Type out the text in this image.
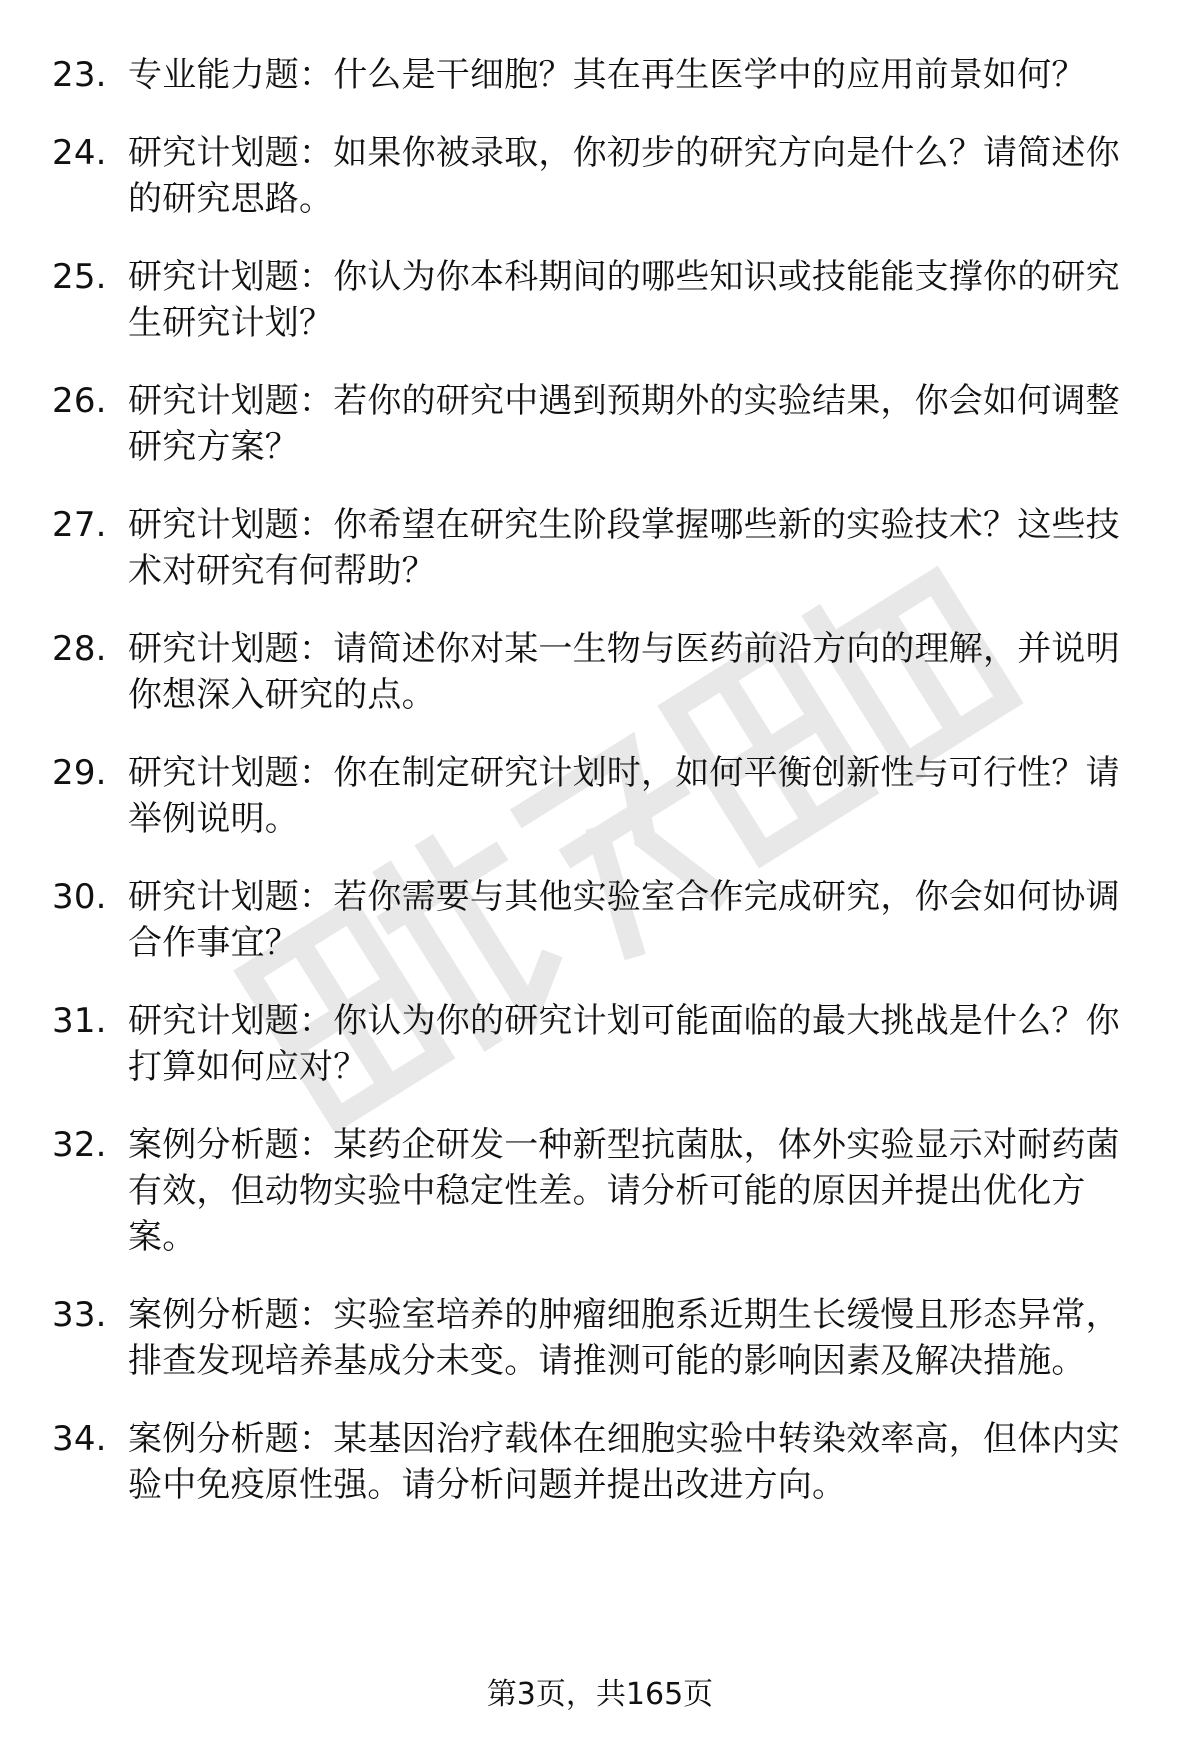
23. 专业能力题：什么是干细胞？其在再生医学中的应用前景如何？
24. 研究计划题：如果你被录取，你初步的研究方向是什么？请简述你的研究思路。
25. 研究计划题：你认为你本科期间的哪些知识或技能能支撑你的研究生研究计划？
26. 研究计划题：若你的研究中遇到预期外的实验结果，你会如何调整研究方案？
27. 研究计划题：你希望在研究生阶段掌握哪些新的实验技术？这些技术对研究有何帮助？
28. 研究计划题：请简述你对某一生物与医药前沿方向的理解，并说明你想深入研究的点。
29. 研究计划题：你在制定研究计划时，如何平衡创新性与可行性？请举例说明。
30. 研究计划题：若你需要与其他实验室合作完成研究，你会如何协调合作事宜？
31. 研究计划题：你认为你的研究计划可能面临的最大挑战是什么？你打算如何应对？
32. 案例分析题：某药企研发一种新型抗菌肽，体外实验显示对耐药菌有效，但动物实验中稳定性差。请分析可能的原因并提出优化方案。
33. 案例分析题：实验室培养的肿瘤细胞系近期生长缓慢且形态异常，排查发现培养基成分未变。请推测可能的影响因素及解决措施。
34. 案例分析题：某基因治疗载体在细胞实验中转染效率高，但体内实验中免疫原性强。请分析问题并提出改进方向。
第3页，共165页
